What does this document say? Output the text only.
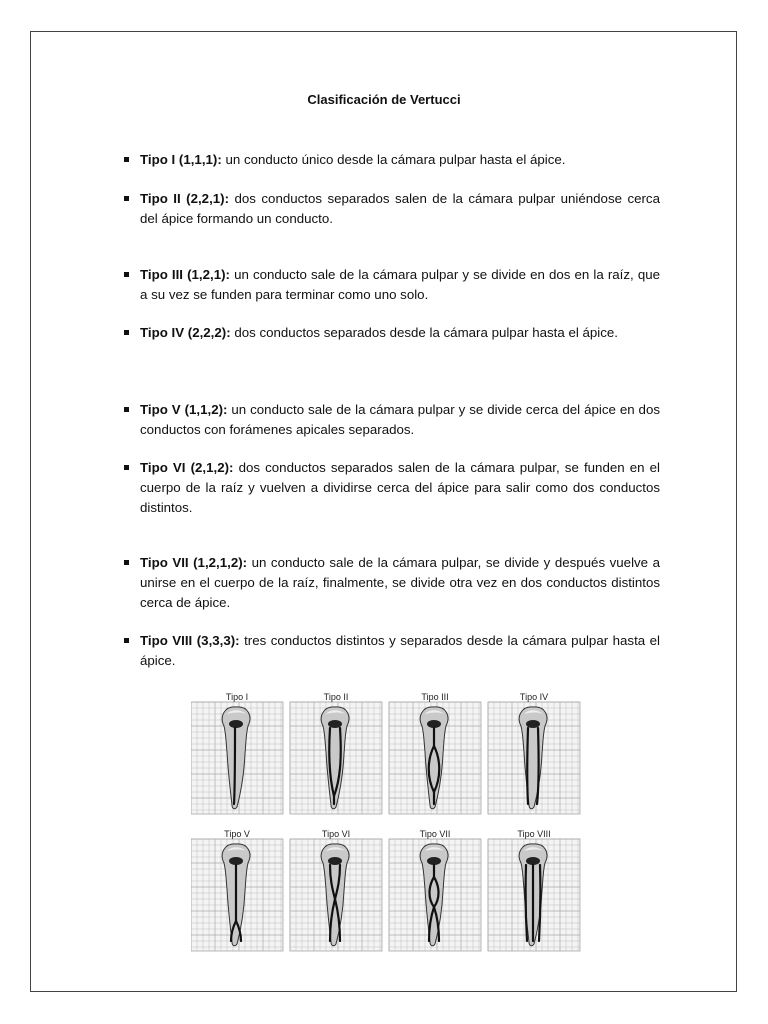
Clasificación de Vertucci
Tipo I (1,1,1): un conducto único desde la cámara pulpar hasta el ápice.
Tipo II (2,2,1): dos conductos separados salen de la cámara pulpar uniéndose cerca del ápice formando un conducto.
Tipo III (1,2,1): un conducto sale de la cámara pulpar y se divide en dos en la raíz, que a su vez se funden para terminar como uno solo.
Tipo IV (2,2,2): dos conductos separados desde la cámara pulpar hasta el ápice.
Tipo V (1,1,2): un conducto sale de la cámara pulpar y se divide cerca del ápice en dos conductos con forámenes apicales separados.
Tipo VI (2,1,2): dos conductos separados salen de la cámara pulpar, se funden en el cuerpo de la raíz y vuelven a dividirse cerca del ápice para salir como dos conductos distintos.
Tipo VII (1,2,1,2): un conducto sale de la cámara pulpar, se divide y después vuelve a unirse en el cuerpo de la raíz, finalmente, se divide otra vez en dos conductos distintos cerca de ápice.
Tipo VIII (3,3,3): tres conductos distintos y separados desde la cámara pulpar hasta el ápice.
Tipo I	Tipo II	Tipo III	Tipo IV
Tipo V	Tipo VI	Tipo VII	Tipo VIII
